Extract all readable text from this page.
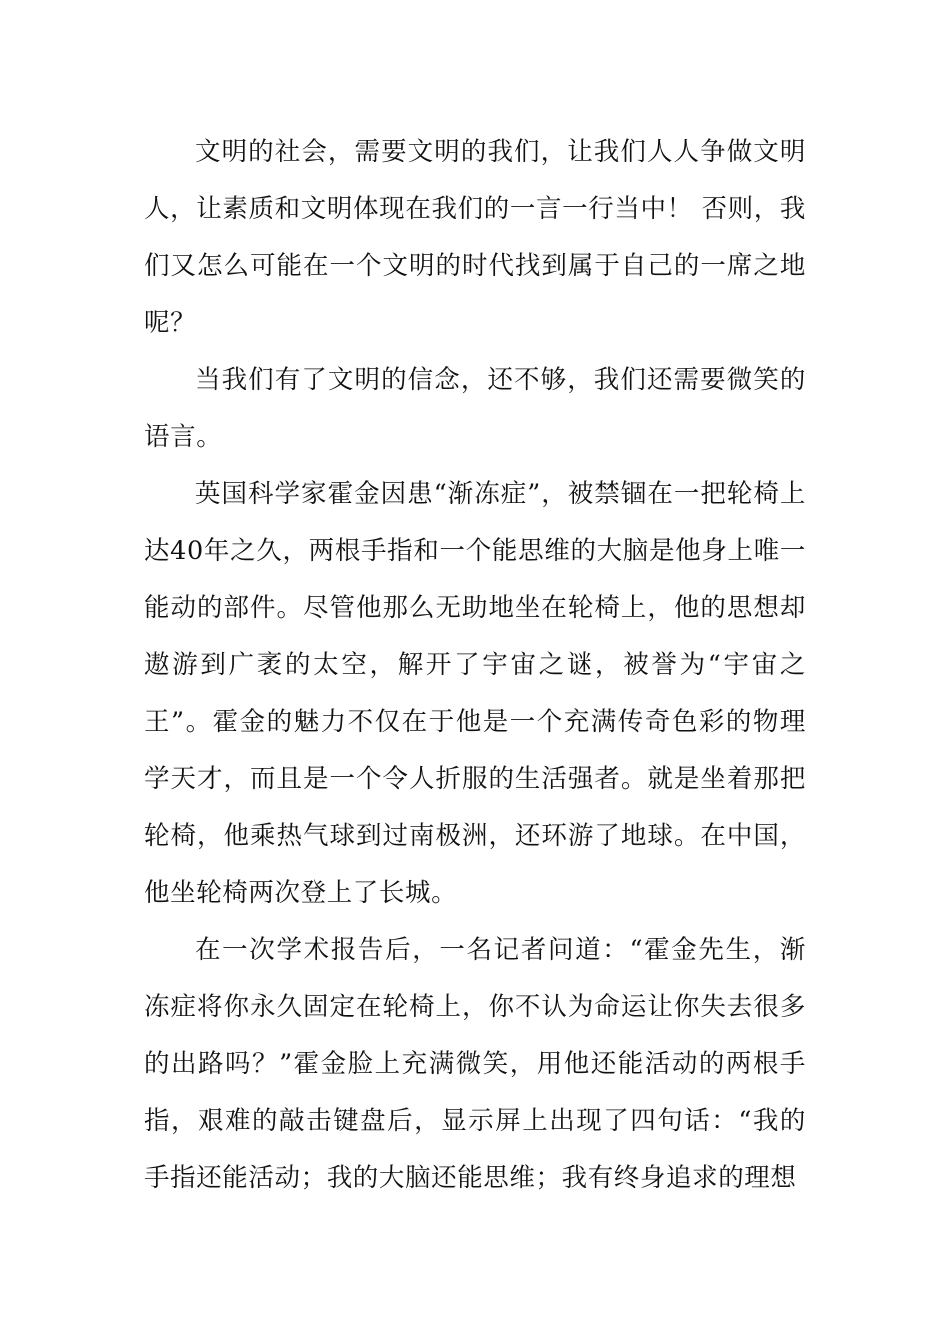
文明的社会，需要文明的我们，让我们人人争做文明人，让素质和文明体现在我们的一言一行当中！ 否则，我们又怎么可能在一个文明的时代找到属于自己的一席之地呢？

当我们有了文明的信念，还不够，我们还需要微笑的语言。

英国科学家霍金因患“渐冻症”，被禁锢在一把轮椅上达40年之久，两根手指和一个能思维的大脑是他身上唯一能动的部件。尽管他那么无助地坐在轮椅上，他的思想却遨游到广袤的太空，解开了宇宙之谜，被誉为“宇宙之王”。霍金的魅力不仅在于他是一个充满传奇色彩的物理学天才，而且是一个令人折服的生活强者。就是坐着那把轮椅，他乘热气球到过南极洲，还环游了地球。在中国，他坐轮椅两次登上了长城。

在一次学术报告后，一名记者问道：“霍金先生，渐冻症将你永久固定在轮椅上，你不认为命运让你失去很多的出路吗？”霍金脸上充满微笑，用他还能活动的两根手指，艰难的敲击键盘后，显示屏上出现了四句话：“我的手指还能活动；我的大脑还能思维；我有终身追求的理想
